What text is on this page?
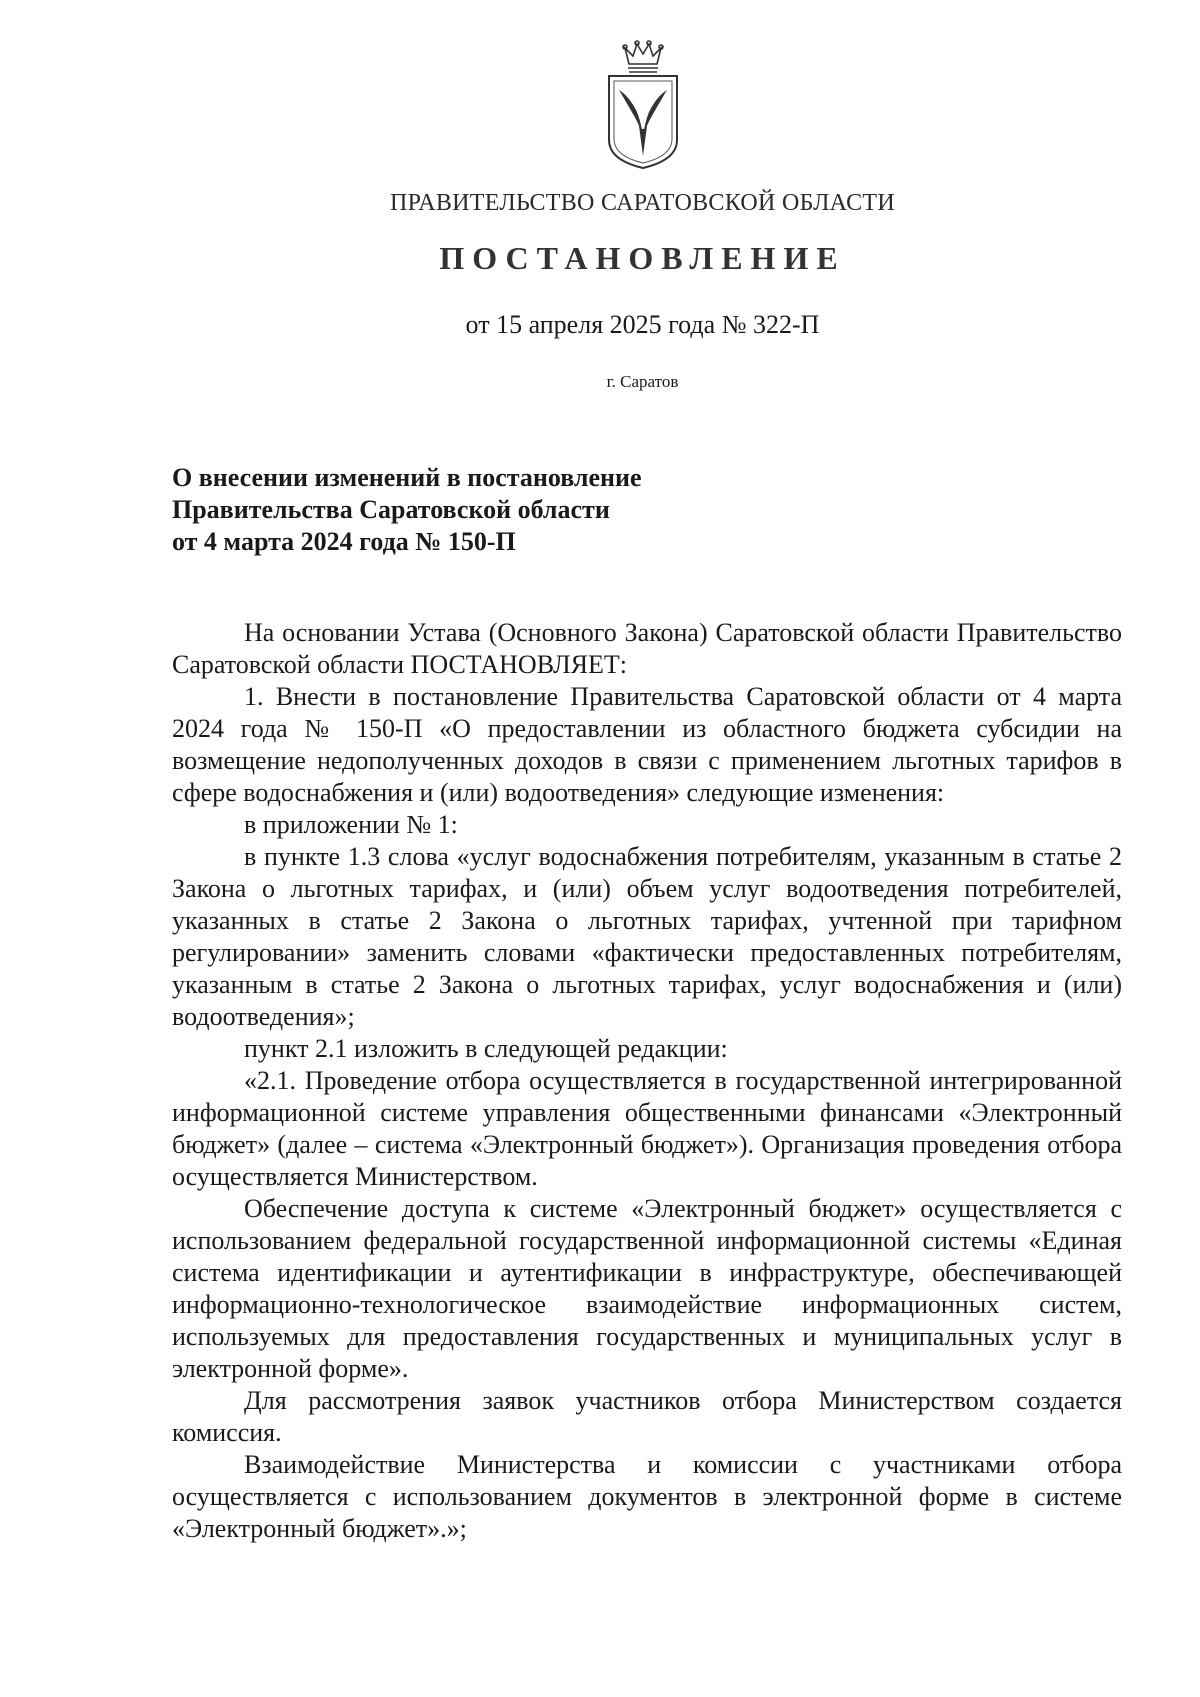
ПРАВИТЕЛЬСТВО САРАТОВСКОЙ ОБЛАСТИ
ПОСТАНОВЛЕНИЕ
от 15 апреля 2025 года № 322-П
г. Саратов
О внесении изменений в постановление
Правительства Саратовской области
от 4 марта 2024 года № 150-П

На основании Устава (Основного Закона) Саратовской области Правительство Саратовской области ПОСТАНОВЛЯЕТ:

1. Внести в постановление Правительства Саратовской области от 4 марта 2024 года № 150-П «О предоставлении из областного бюджета субсидии на возмещение недополученных доходов в связи с применением льготных тарифов в сфере водоснабжения и (или) водоотведения» следующие изменения:

в приложении № 1:

в пункте 1.3 слова «услуг водоснабжения потребителям, указанным в статье 2 Закона о льготных тарифах, и (или) объем услуг водоотведения потребителей, указанных в статье 2 Закона о льготных тарифах, учтенной при тарифном регулировании» заменить словами «фактически предоставленных потребителям, указанным в статье 2 Закона о льготных тарифах, услуг водоснабжения и (или) водоотведения»;

пункт 2.1 изложить в следующей редакции:

«2.1. Проведение отбора осуществляется в государственной интегрированной информационной системе управления общественными финансами «Электронный бюджет» (далее – система «Электронный бюджет»). Организация проведения отбора осуществляется Министерством.

Обеспечение доступа к системе «Электронный бюджет» осуществляется с использованием федеральной государственной информационной системы «Единая система идентификации и аутентификации в инфраструктуре, обеспечивающей информационно-технологическое взаимодействие информационных систем, используемых для предоставления государственных и муниципальных услуг в электронной форме».

Для рассмотрения заявок участников отбора Министерством создается комиссия.

Взаимодействие Министерства и комиссии с участниками отбора осуществляется с использованием документов в электронной форме в системе «Электронный бюджет».»;
